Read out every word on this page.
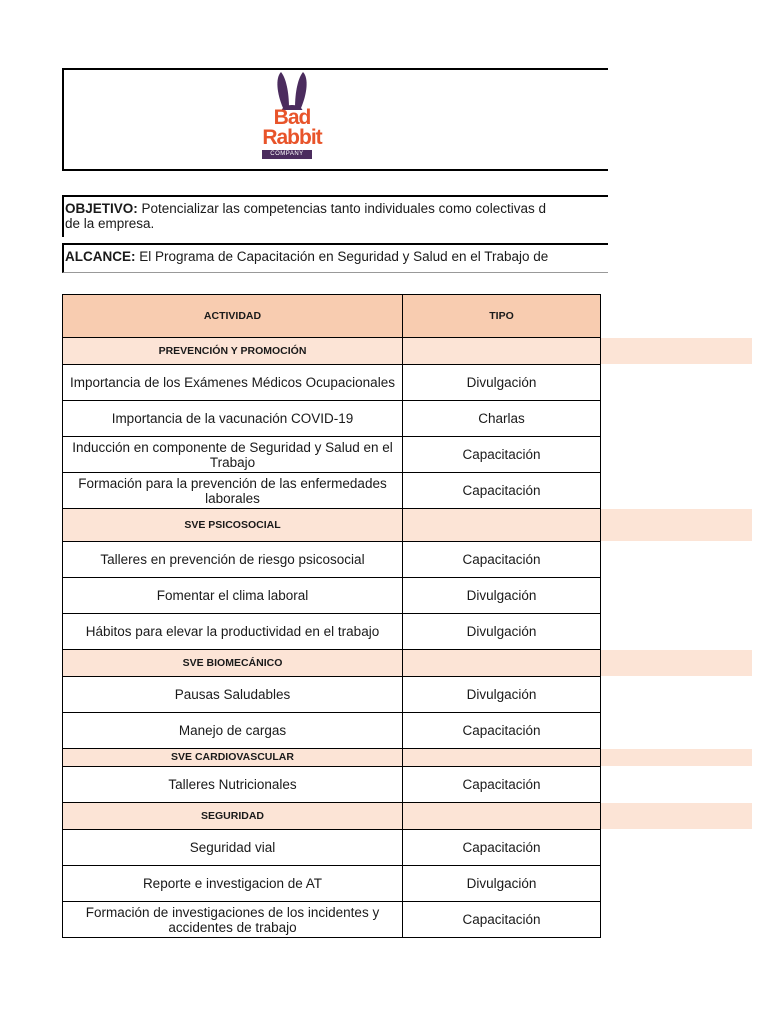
Bad
Rabbit
COMPANY
OBJETIVO: Potencializar las competencias tanto individuales como colectivas d
de la empresa.
ALCANCE: El Programa de Capacitación en Seguridad y Salud en el Trabajo de
ACTIVIDAD	TIPO
PREVENCIÓN Y PROMOCIÓN
Importancia de los Exámenes Médicos Ocupacionales	Divulgación
Importancia de la vacunación COVID-19	Charlas
Inducción en componente de Seguridad y Salud en el Trabajo	Capacitación
Formación para la prevención de las enfermedades laborales	Capacitación
SVE PSICOSOCIAL
Talleres en prevención de riesgo psicosocial	Capacitación
Fomentar el clima laboral	Divulgación
Hábitos para elevar la productividad en el trabajo	Divulgación
SVE BIOMECÁNICO
Pausas Saludables	Divulgación
Manejo de cargas	Capacitación
SVE CARDIOVASCULAR
Talleres Nutricionales	Capacitación
SEGURIDAD
Seguridad vial	Capacitación
Reporte e investigacion de AT	Divulgación
Formación de investigaciones de los incidentes y accidentes de trabajo	Capacitación
